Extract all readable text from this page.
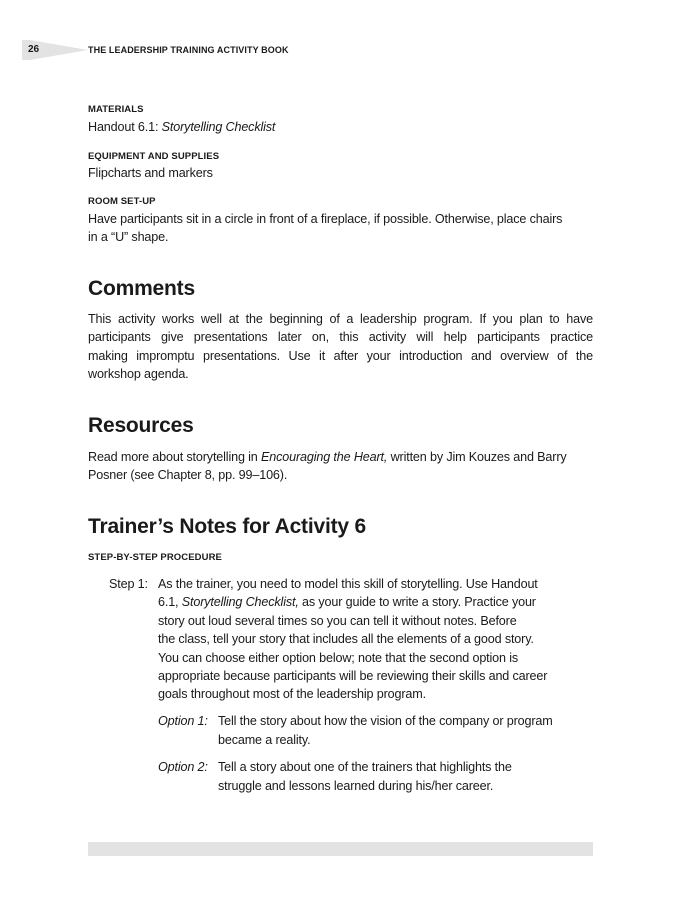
26	THE LEADERSHIP TRAINING ACTIVITY BOOK
MATERIALS
Handout 6.1: Storytelling Checklist
EQUIPMENT AND SUPPLIES
Flipcharts and markers
ROOM SET-UP
Have participants sit in a circle in front of a fireplace, if possible. Otherwise, place chairs
in a “U” shape.
Comments
This activity works well at the beginning of a leadership program. If you plan to have
participants give presentations later on, this activity will help participants practice
making impromptu presentations. Use it after your introduction and overview of the
workshop agenda.
Resources
Read more about storytelling in Encouraging the Heart, written by Jim Kouzes and Barry
Posner (see Chapter 8, pp. 99–106).
Trainer’s Notes for Activity 6
STEP-BY-STEP PROCEDURE
Step 1: As the trainer, you need to model this skill of storytelling. Use Handout
6.1, Storytelling Checklist, as your guide to write a story. Practice your
story out loud several times so you can tell it without notes. Before
the class, tell your story that includes all the elements of a good story.
You can choose either option below; note that the second option is
appropriate because participants will be reviewing their skills and career
goals throughout most of the leadership program.
Option 1: Tell the story about how the vision of the company or program
became a reality.
Option 2: Tell a story about one of the trainers that highlights the
struggle and lessons learned during his/her career.
